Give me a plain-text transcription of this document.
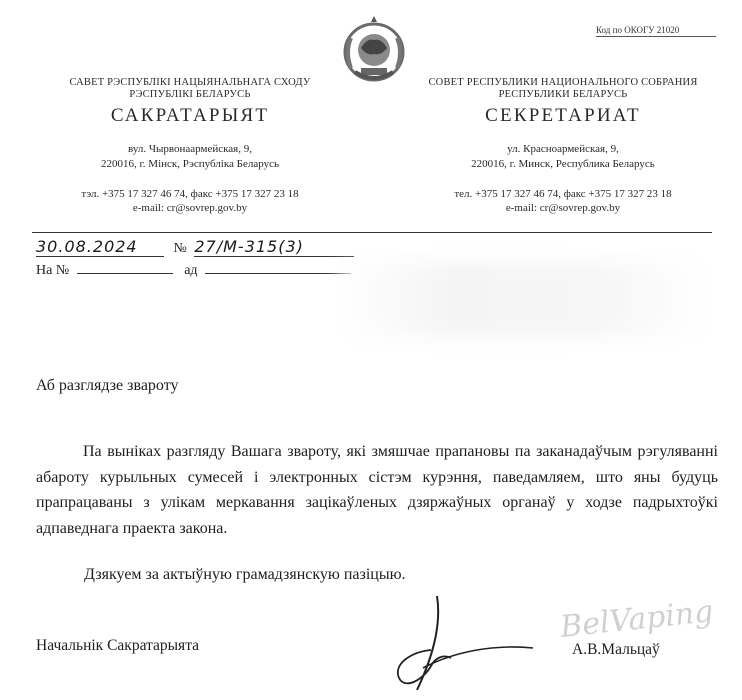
Код по ОКОГУ 21020
САВЕТ РЭСПУБЛІКІ НАЦЫЯНАЛЬНАГА СХОДУ
РЭСПУБЛІКІ БЕЛАРУСЬ
САКРАТАРЫЯТ
вул. Чырвонаармейская, 9,
220016, г. Мінск, Рэспубліка Беларусь
тэл. +375 17 327 46 74, факс +375 17 327 23 18
e-mail: cr@sovrep.gov.by
СОВЕТ РЕСПУБЛИКИ НАЦИОНАЛЬНОГО СОБРАНИЯ
РЕСПУБЛИКИ БЕЛАРУСЬ
СЕКРЕТАРИАТ
ул. Красноармейская, 9,
220016, г. Минск, Республика Беларусь
тел. +375 17 327 46 74, факс +375 17 327 23 18
e-mail: cr@sovrep.gov.by
30.08.2024	№ 27/М-315(3)
На №	ад
Аб разглядзе звароту
Па выніках разгляду Вашага звароту, які змяшчае прапановы па заканадаўчым рэгуляванні абароту курыльных сумесей і электронных сістэм курэння, паведамляем, што яны будуць прапрацаваны з улікам меркавання зацікаўленых дзяржаўных органаў у ходзе падрыхтоўкі адпаведнага праекта закона.
Дзякуем за актыўную грамадзянскую пазіцыю.
Начальнік Сакратарыята	А.В.Мальцаў
BelVaping
